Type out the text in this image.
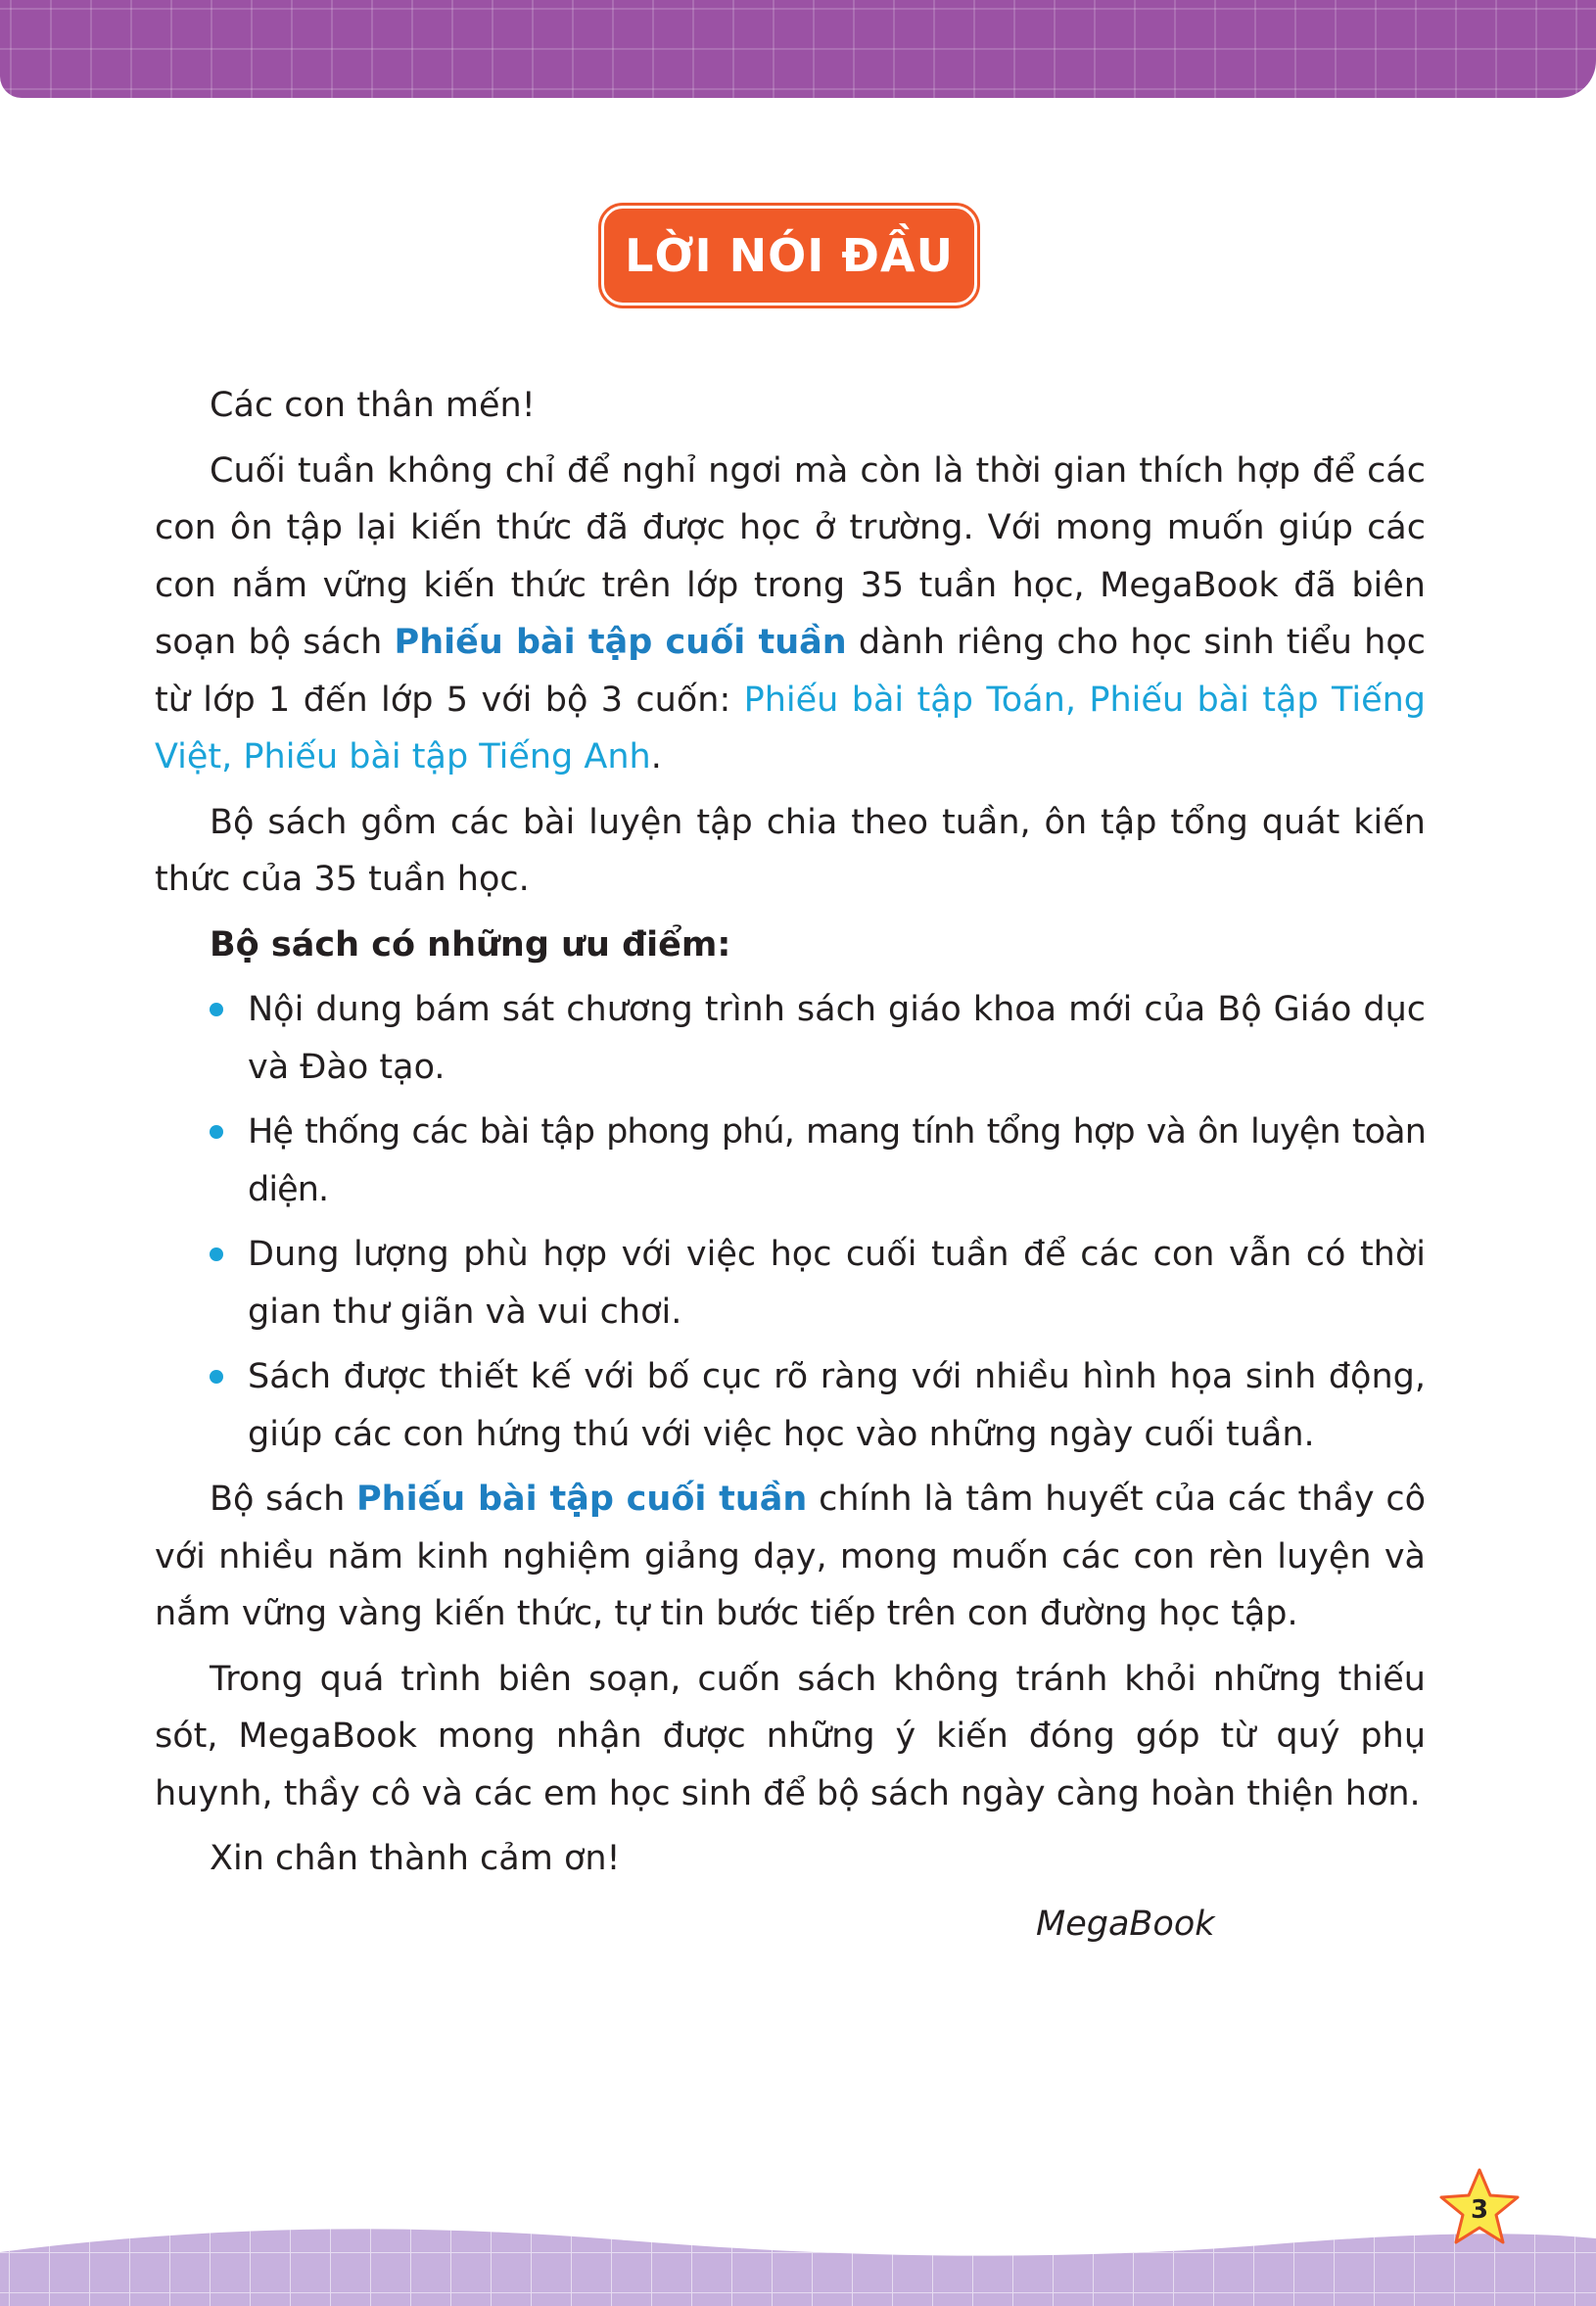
LỜI NÓI ĐẦU

Các con thân mến!

Cuối tuần không chỉ để nghỉ ngơi mà còn là thời gian thích hợp để các con ôn tập lại kiến thức đã được học ở trường. Với mong muốn giúp các con nắm vững kiến thức trên lớp trong 35 tuần học, MegaBook đã biên soạn bộ sách Phiếu bài tập cuối tuần dành riêng cho học sinh tiểu học từ lớp 1 đến lớp 5 với bộ 3 cuốn: Phiếu bài tập Toán, Phiếu bài tập Tiếng Việt, Phiếu bài tập Tiếng Anh.

Bộ sách gồm các bài luyện tập chia theo tuần, ôn tập tổng quát kiến thức của 35 tuần học.

Bộ sách có những ưu điểm:

Nội dung bám sát chương trình sách giáo khoa mới của Bộ Giáo dục và Đào tạo.
Hệ thống các bài tập phong phú, mang tính tổng hợp và ôn luyện toàn diện.
Dung lượng phù hợp với việc học cuối tuần để các con vẫn có thời gian thư giãn và vui chơi.
Sách được thiết kế với bố cục rõ ràng với nhiều hình họa sinh động, giúp các con hứng thú với việc học vào những ngày cuối tuần.

Bộ sách Phiếu bài tập cuối tuần chính là tâm huyết của các thầy cô với nhiều năm kinh nghiệm giảng dạy, mong muốn các con rèn luyện và nắm vững vàng kiến thức, tự tin bước tiếp trên con đường học tập.

Trong quá trình biên soạn, cuốn sách không tránh khỏi những thiếu sót, MegaBook mong nhận được những ý kiến đóng góp từ quý phụ huynh, thầy cô và các em học sinh để bộ sách ngày càng hoàn thiện hơn.

Xin chân thành cảm ơn!

MegaBook

3
